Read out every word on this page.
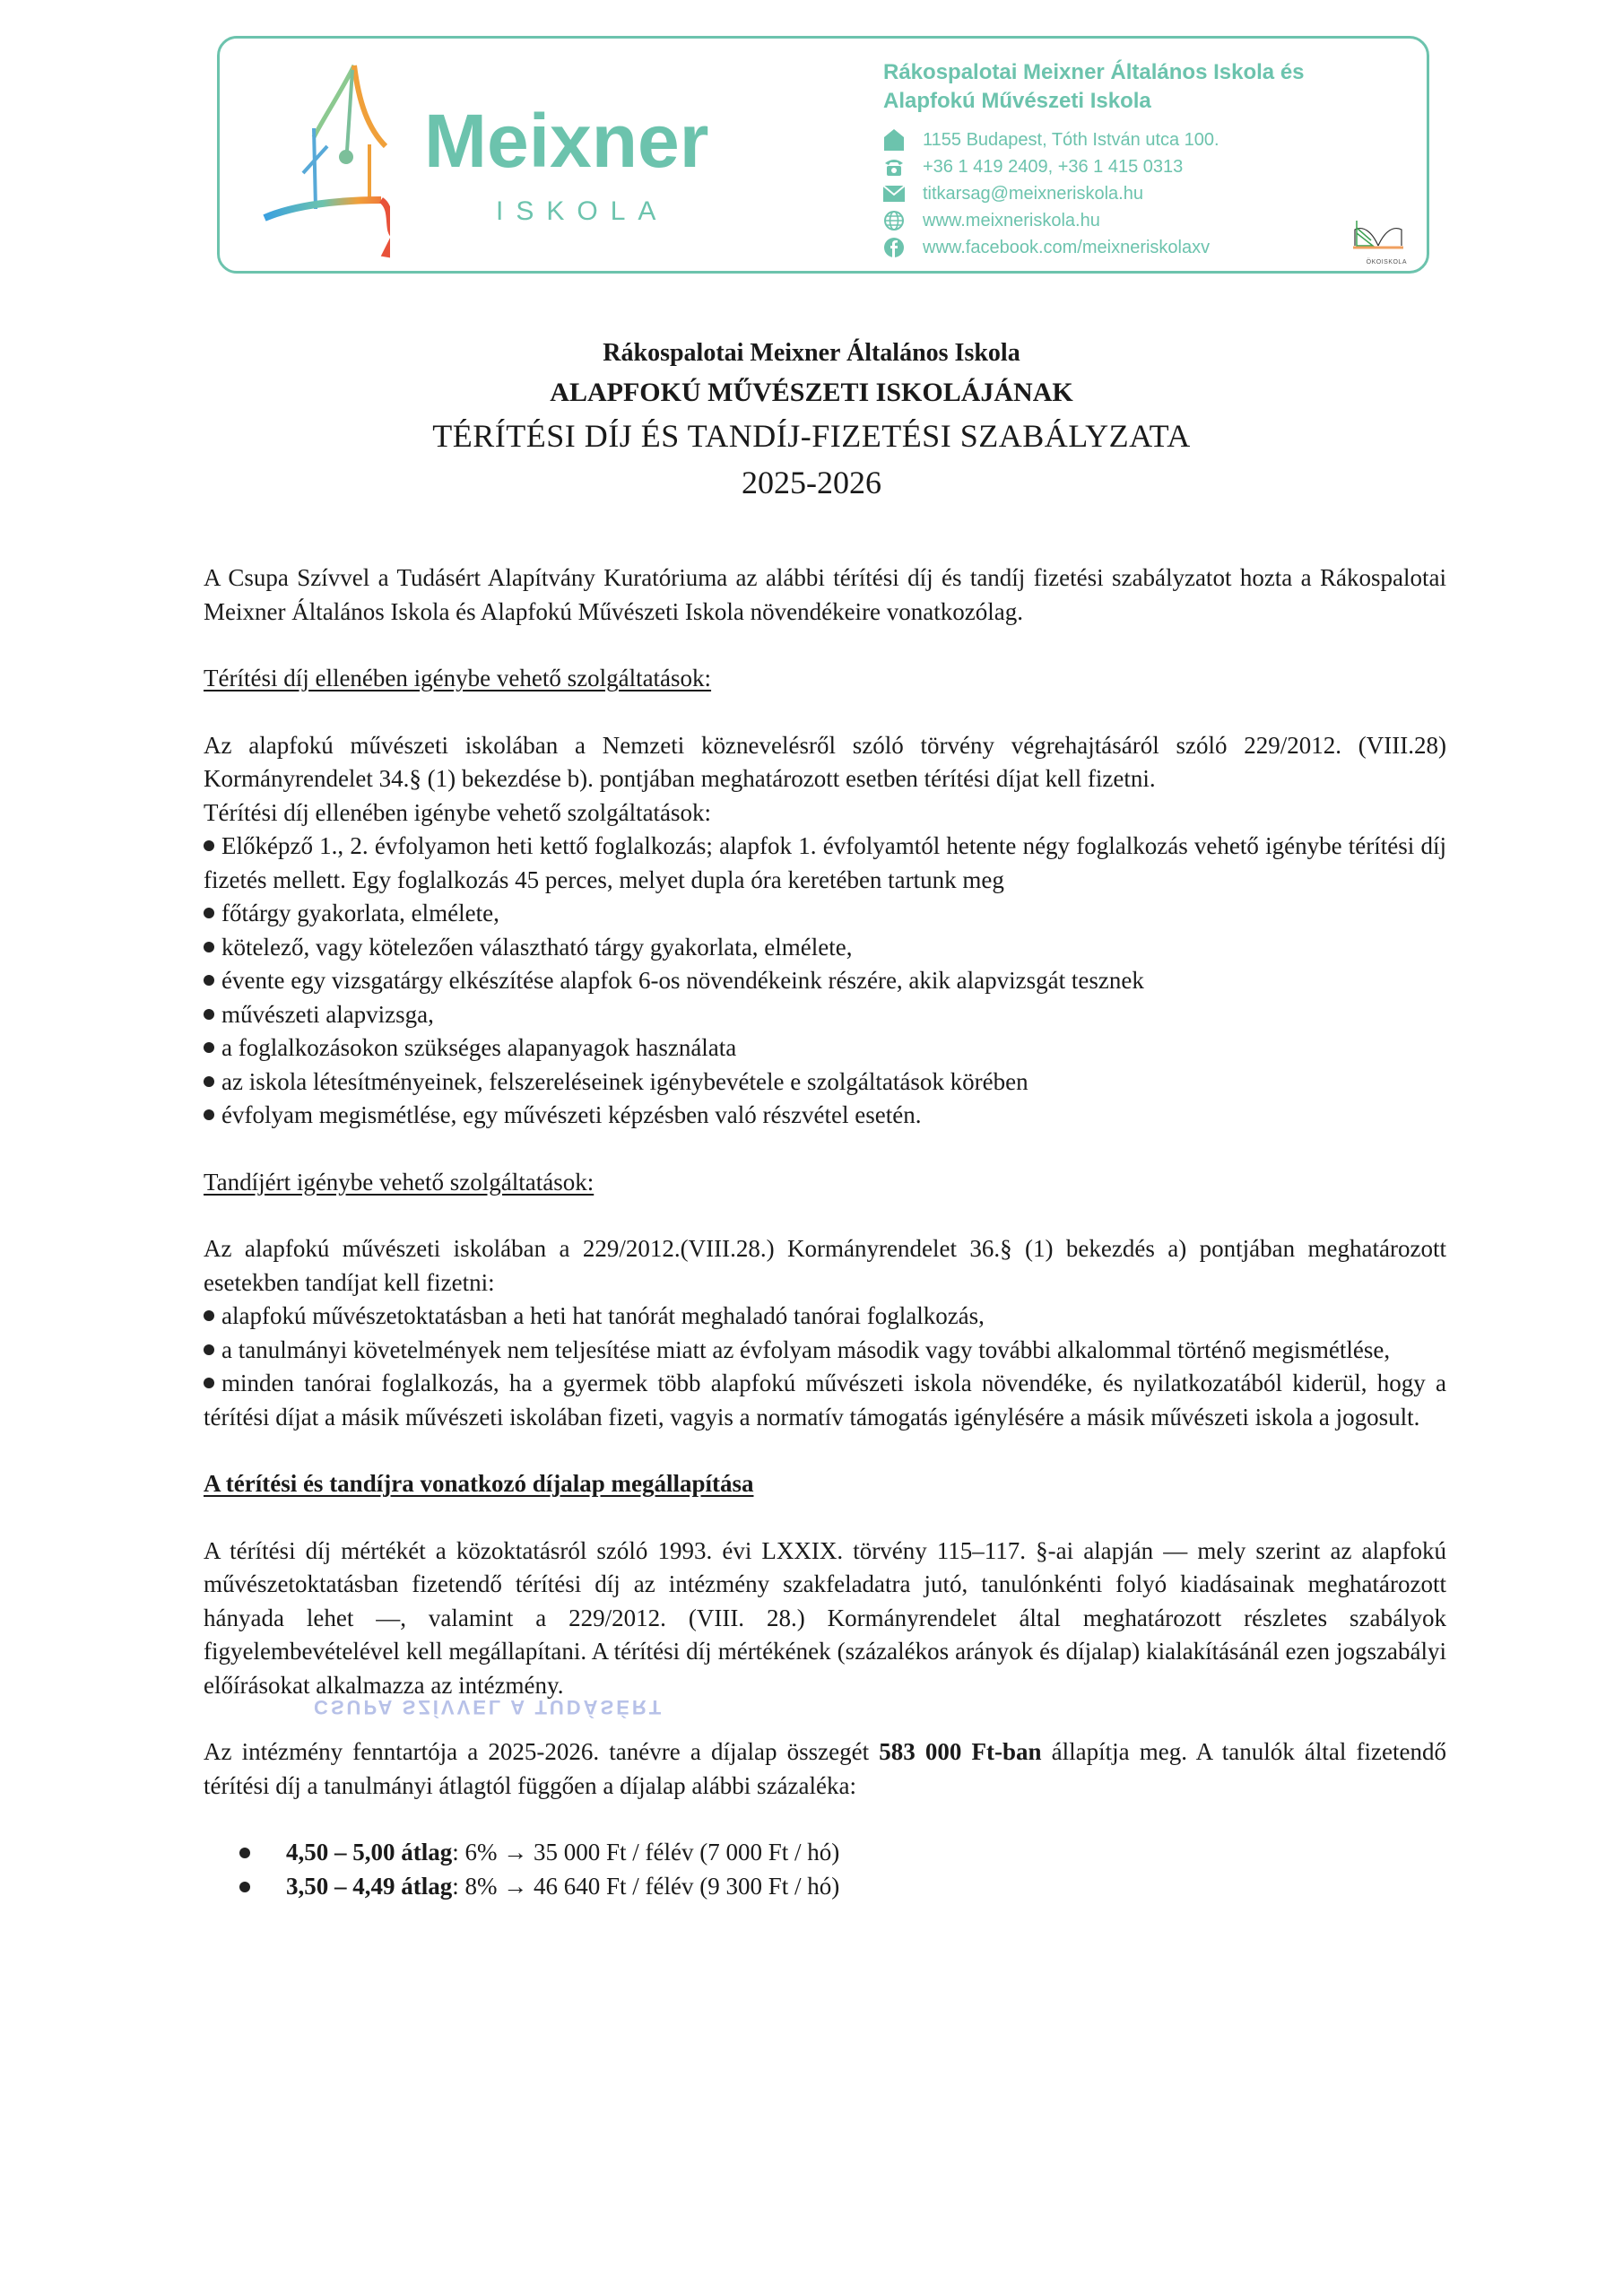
Meixner
ISKOLA
Rákospalotai Meixner Általános Iskola és
Alapfokú Művészeti Iskola
1155 Budapest, Tóth István utca 100.
+36 1 419 2409, +36 1 415 0313
titkarsag@meixneriskola.hu
www.meixneriskola.hu
www.facebook.com/meixneriskolaxv
ÖKOISKOLA
Rákospalotai Meixner Általános Iskola
ALAPFOKÚ MŰVÉSZETI ISKOLÁJÁNAK
TÉRÍTÉSI DÍJ ÉS TANDÍJ-FIZETÉSI SZABÁLYZATA
2025-2026

A Csupa Szívvel a Tudásért Alapítvány Kuratóriuma az alábbi térítési díj és tandíj fizetési szabályzatot hozta a Rákospalotai Meixner Általános Iskola és Alapfokú Művészeti Iskola növendékeire vonatkozólag.

Térítési díj ellenében igénybe vehető szolgáltatások:

Az alapfokú művészeti iskolában a Nemzeti köznevelésről szóló törvény végrehajtásáról szóló 229/2012. (VIII.28) Kormányrendelet 34.§ (1) bekezdése b). pontjában meghatározott esetben térítési díjat kell fizetni.

Térítési díj ellenében igénybe vehető szolgáltatások:

Előképző 1., 2. évfolyamon heti kettő foglalkozás; alapfok 1. évfolyamtól hetente négy foglalkozás vehető igénybe térítési díj fizetés mellett. Egy foglalkozás 45 perces, melyet dupla óra keretében tartunk meg
főtárgy gyakorlata, elmélete,
kötelező, vagy kötelezően választható tárgy gyakorlata, elmélete,
évente egy vizsgatárgy elkészítése alapfok 6-os növendékeink részére, akik alapvizsgát tesznek
művészeti alapvizsga,
a foglalkozásokon szükséges alapanyagok használata
az iskola létesítményeinek, felszereléseinek igénybevétele e szolgáltatások körében
évfolyam megismétlése, egy művészeti képzésben való részvétel esetén.

Tandíjért igénybe vehető szolgáltatások:

Az alapfokú művészeti iskolában a 229/2012.(VIII.28.) Kormányrendelet 36.§ (1) bekezdés a) pontjában meghatározott esetekben tandíjat kell fizetni:

alapfokú művészetoktatásban a heti hat tanórát meghaladó tanórai foglalkozás,
a tanulmányi követelmények nem teljesítése miatt az évfolyam második vagy további alkalommal történő megismétlése,
minden tanórai foglalkozás, ha a gyermek több alapfokú művészeti iskola növendéke, és nyilatkozatából kiderül, hogy a térítési díjat a másik művészeti iskolában fizeti, vagyis a normatív támogatás igénylésére a másik művészeti iskola a jogosult.

A térítési és tandíjra vonatkozó díjalap megállapítása

A térítési díj mértékét a közoktatásról szóló 1993. évi LXXIX. törvény 115–117. §-ai alapján — mely szerint az alapfokú művészetoktatásban fizetendő térítési díj az intézmény szakfeladatra jutó, tanulónkénti folyó kiadásainak meghatározott hányada lehet —, valamint a 229/2012. (VIII. 28.) Kormányrendelet által meghatározott részletes szabályok figyelembevételével kell megállapítani. A térítési díj mértékének (százalékos arányok és díjalap) kialakításánál ezen jogszabályi előírásokat alkalmazza az intézmény.

Az intézmény fenntartója a 2025-2026. tanévre a díjalap összegét 583 000 Ft-ban állapítja meg. A tanulók által fizetendő térítési díj a tanulmányi átlagtól függően a díjalap alábbi százaléka:

4,50 – 5,00 átlag: 6% → 35 000 Ft / félév (7 000 Ft / hó)
3,50 – 4,49 átlag: 8% → 46 640 Ft / félév (9 300 Ft / hó)
CSUPA SZÍVVEL A TUDÁSÉRT
